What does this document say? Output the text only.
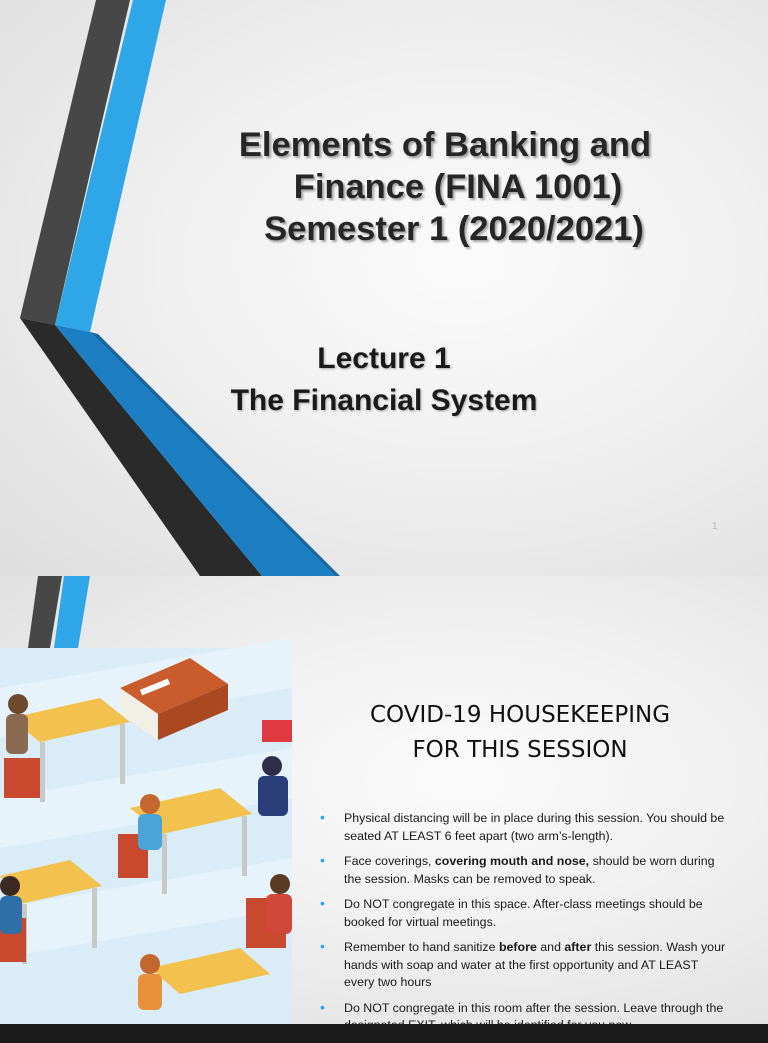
Elements of Banking and
Finance (FINA 1001)
Semester 1 (2020/2021)
Lecture 1
The Financial System
1
COVID-19 HOUSEKEEPING
FOR THIS SESSION
• Physical distancing will be in place during this session. You should be seated AT LEAST 6 feet apart (two arm’s-length).
• Face coverings, covering mouth and nose, should be worn during the session. Masks can be removed to speak.
• Do NOT congregate in this space. After-class meetings should be booked for virtual meetings.
• Remember to hand sanitize before and after this session. Wash your hands with soap and water at the first opportunity and AT LEAST every two hours
• Do NOT congregate in this room after the session. Leave through the designated EXIT, which will be identified for you now.
